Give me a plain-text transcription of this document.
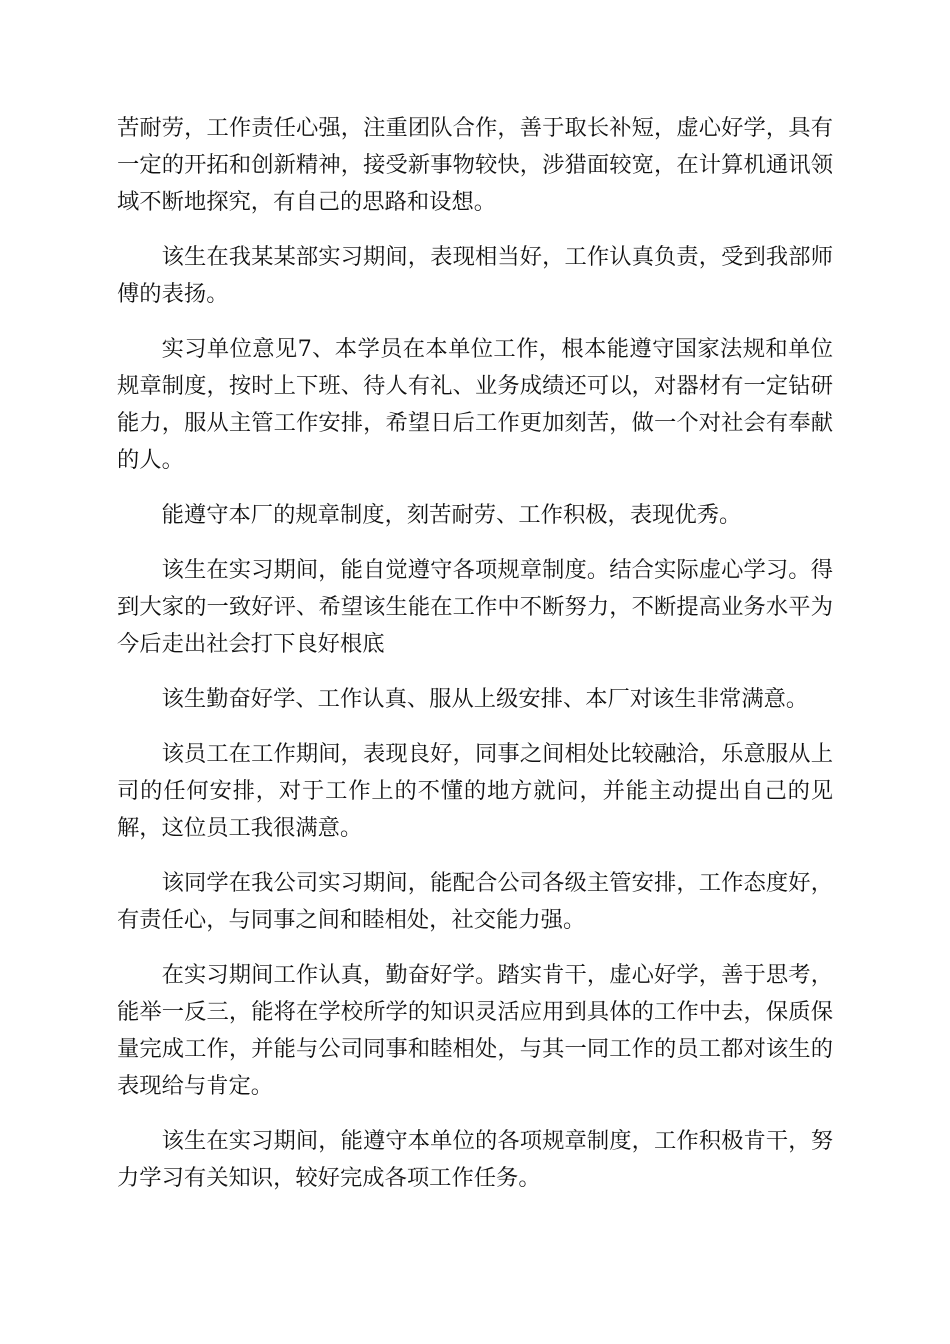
苦耐劳，工作责任心强，注重团队合作，善于取长补短，虚心好学，具有一定的开拓和创新精神，接受新事物较快，涉猎面较宽，在计算机通讯领域不断地探究，有自己的思路和设想。

该生在我某某部实习期间，表现相当好，工作认真负责，受到我部师傅的表扬。

实习单位意见7、本学员在本单位工作，根本能遵守国家法规和单位规章制度，按时上下班、待人有礼、业务成绩还可以，对器材有一定钻研能力，服从主管工作安排，希望日后工作更加刻苦，做一个对社会有奉献的人。

能遵守本厂的规章制度，刻苦耐劳、工作积极，表现优秀。

该生在实习期间，能自觉遵守各项规章制度。结合实际虚心学习。得到大家的一致好评、希望该生能在工作中不断努力，不断提高业务水平为今后走出社会打下良好根底

该生勤奋好学、工作认真、服从上级安排、本厂对该生非常满意。

该员工在工作期间，表现良好，同事之间相处比较融洽，乐意服从上司的任何安排，对于工作上的不懂的地方就问，并能主动提出自己的见解，这位员工我很满意。

该同学在我公司实习期间，能配合公司各级主管安排，工作态度好，有责任心，与同事之间和睦相处，社交能力强。

在实习期间工作认真，勤奋好学。踏实肯干，虚心好学，善于思考，能举一反三，能将在学校所学的知识灵活应用到具体的工作中去，保质保量完成工作，并能与公司同事和睦相处，与其一同工作的员工都对该生的表现给与肯定。

该生在实习期间，能遵守本单位的各项规章制度，工作积极肯干，努力学习有关知识，较好完成各项工作任务。
